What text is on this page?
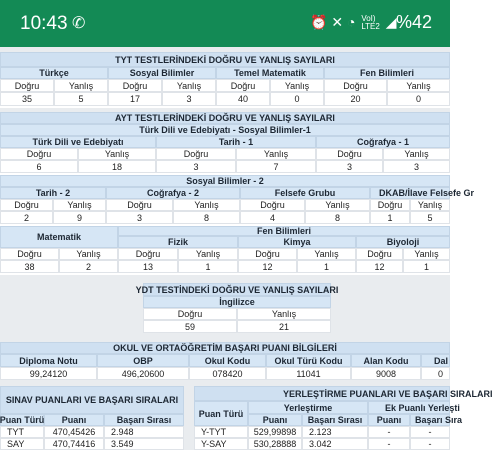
10:43 ✆	⏰ ✕ ◔ VoI)
LTE2 ◢ %42
TYT TESTLERİNDEKİ DOĞRU VE YANLIŞ SAYILARI
Türkçe	Sosyal Bilimler	Temel Matematik	Fen Bilimleri
Doğru	Yanlış	Doğru	Yanlış	Doğru	Yanlış	Doğru	Yanlış
35	5	17	3	40	0	20	0
AYT TESTLERİNDEKİ DOĞRU VE YANLIŞ SAYILARI
Türk Dili ve Edebiyatı - Sosyal Bilimler-1
Türk Dili ve Edebiyatı	Tarih - 1	Coğrafya - 1
Doğru	Yanlış	Doğru	Yanlış	Doğru	Yanlış
6	18	3	7	3	3
Sosyal Bilimler - 2
Tarih - 2	Coğrafya - 2	Felsefe Grubu	DKAB/İlave Felsefe Gr
Doğru	Yanlış	Doğru	Yanlış	Doğru	Yanlış	Doğru	Yanlış
2	9	3	8	4	8	1	5
Matematik
Fen Bilimleri
Fizik	Kimya	Biyoloji
Doğru	Yanlış	Doğru	Yanlış	Doğru	Yanlış	Doğru	Yanlış
38	2	13	1	12	1	12	1
YDT TESTİNDEKİ DOĞRU VE YANLIŞ SAYILARI
İngilizce
Doğru	Yanlış
59	21
OKUL VE ORTAÖĞRETİM BAŞARI PUANI BİLGİLERİ
Diploma Notu	OBP	Okul Kodu	Okul Türü Kodu	Alan Kodu	Dal
99,24120	496,20600	078420	11041	9008	0
SINAV PUANLARI VE BAŞARI SIRALARI
Puan Türü	Puanı	Başarı Sırası
TYT	470,45426	2.948
SAY	470,74416	3.549
YERLEŞTİRME PUANLARI VE BAŞARI SIRALARI
Puan Türü
Yerleştirme	Ek Puanlı Yerleşti
Puanı	Başarı Sırası	Puanı	Başarı Sıra
Y-TYT	529,99898	2.123	-	-
Y-SAY	530,28888	3.042	-	-
